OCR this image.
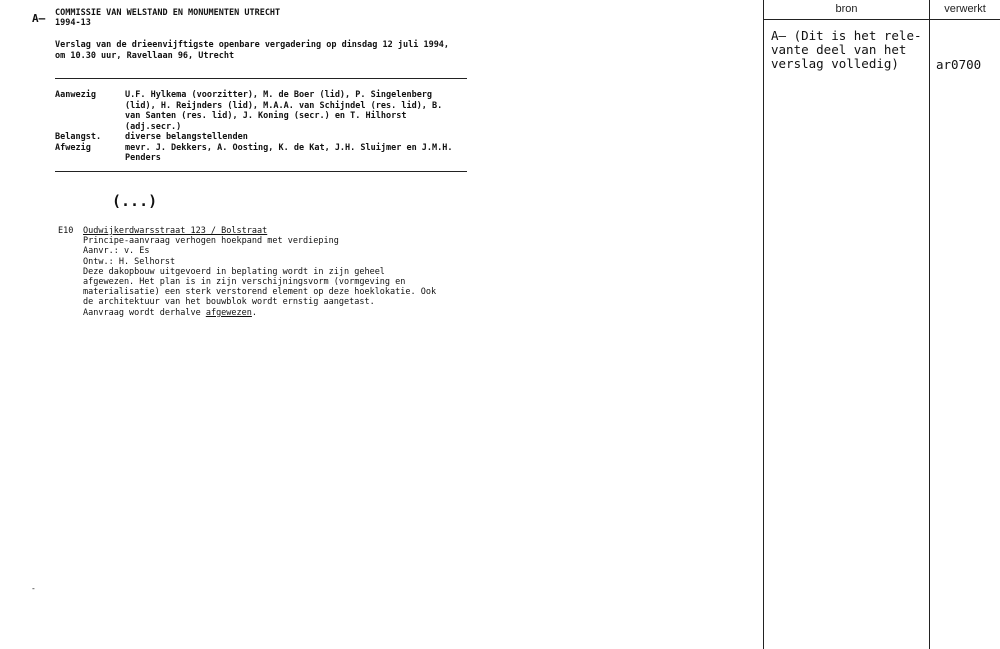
A— COMMISSIE VAN WELSTAND EN MONUMENTEN UTRECHT
1994-13
Verslag van de drieenvijftigste openbare vergadering op dinsdag 12 juli 1994,
om 10.30 uur, Ravellaan 96, Utrecht
Aanwezig	U.F. Hylkema (voorzitter), M. de Boer (lid), P. Singelenberg
(lid), H. Reijnders (lid), M.A.A. van Schijndel (res. lid), B.
van Santen (res. lid), J. Koning (secr.) en T. Hilhorst
(adj.secr.)
Belangst.	diverse belangstellenden
Afwezig	mevr. J. Dekkers, A. Oosting, K. de Kat, J.H. Sluijmer en J.M.H.
Penders
(...)
E10 Oudwijkerdwarsstraat 123 / Bolstraat
Principe-aanvraag verhogen hoekpand met verdieping
Aanvr.: v. Es
Ontw.: H. Selhorst
Deze dakopbouw uitgevoerd in beplating wordt in zijn geheel
afgewezen. Het plan is in zijn verschijningsvorm (vormgeving en
materialisatie) een sterk verstorend element op deze hoeklokatie. Ook
de architektuur van het bouwblok wordt ernstig aangetast.
Aanvraag wordt derhalve afgewezen.
-
bron	verwerkt
A— (Dit is het rele-
vante deel van het
verslag volledig)	ar0700
